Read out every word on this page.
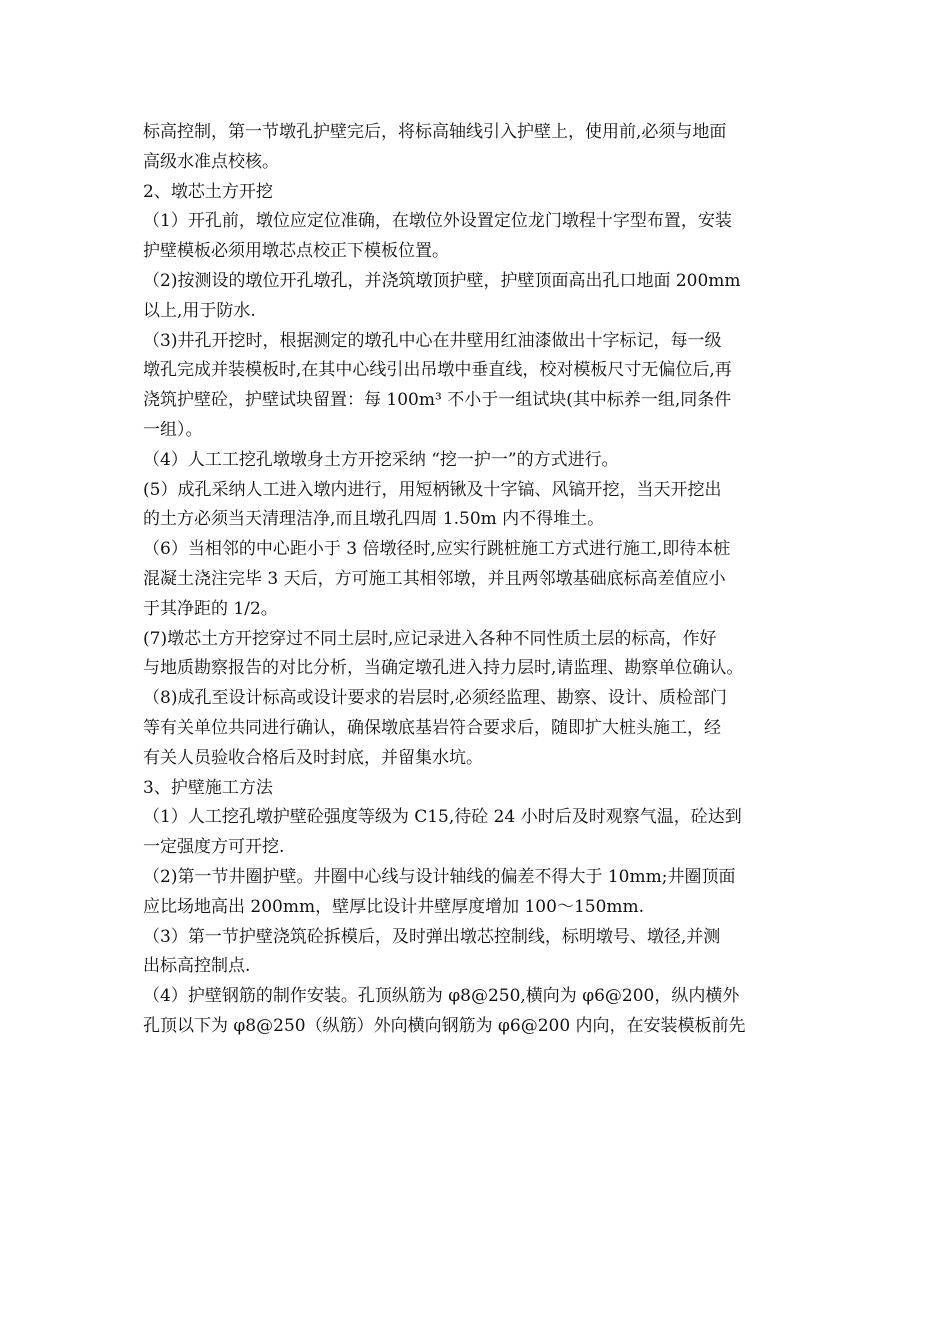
标高控制，第一节墩孔护壁完后，将标高轴线引入护壁上，使用前,必须与地面
高级水准点校核。
2、墩芯土方开挖
（1）开孔前，墩位应定位准确，在墩位外设置定位龙门墩程十字型布置，安装
护壁模板必须用墩芯点校正下模板位置。
（2)按测设的墩位开孔墩孔，并浇筑墩顶护壁，护壁顶面高出孔口地面 200mm
以上,用于防水.
（3)井孔开挖时，根据测定的墩孔中心在井壁用红油漆做出十字标记，每一级
墩孔完成并装模板时,在其中心线引出吊墩中垂直线，校对模板尺寸无偏位后,再
浇筑护壁砼，护壁试块留置：每 100m³ 不小于一组试块(其中标养一组,同条件
一组）。
（4）人工工挖孔墩墩身土方开挖采纳 “挖一护一”的方式进行。
(5）成孔采纳人工进入墩内进行，用短柄锹及十字镐、风镐开挖，当天开挖出
的土方必须当天清理洁净,而且墩孔四周 1.50m 内不得堆土。
（6）当相邻的中心距小于 3 倍墩径时,应实行跳桩施工方式进行施工,即待本桩
混凝土浇注完毕 3 天后，方可施工其相邻墩，并且两邻墩基础底标高差值应小
于其净距的 1/2。
(7)墩芯土方开挖穿过不同土层时,应记录进入各种不同性质土层的标高，作好
与地质勘察报告的对比分析，当确定墩孔进入持力层时,请监理、勘察单位确认。
（8)成孔至设计标高或设计要求的岩层时,必须经监理、勘察、设计、质检部门
等有关单位共同进行确认，确保墩底基岩符合要求后，随即扩大桩头施工，经
有关人员验收合格后及时封底，并留集水坑。
3、护壁施工方法
（1）人工挖孔墩护壁砼强度等级为 C15,待砼 24 小时后及时观察气温，砼达到
一定强度方可开挖.
（2)第一节井圈护壁。井圈中心线与设计轴线的偏差不得大于 10mm;井圈顶面
应比场地高出 200mm，壁厚比设计井壁厚度增加 100～150mm.
（3）第一节护壁浇筑砼拆模后，及时弹出墩芯控制线，标明墩号、墩径,并测
出标高控制点.
（4）护壁钢筋的制作安装。孔顶纵筋为 φ8@250,横向为 φ6@200，纵内横外
孔顶以下为 φ8@250（纵筋）外向横向钢筋为 φ6@200 内向，在安装模板前先
